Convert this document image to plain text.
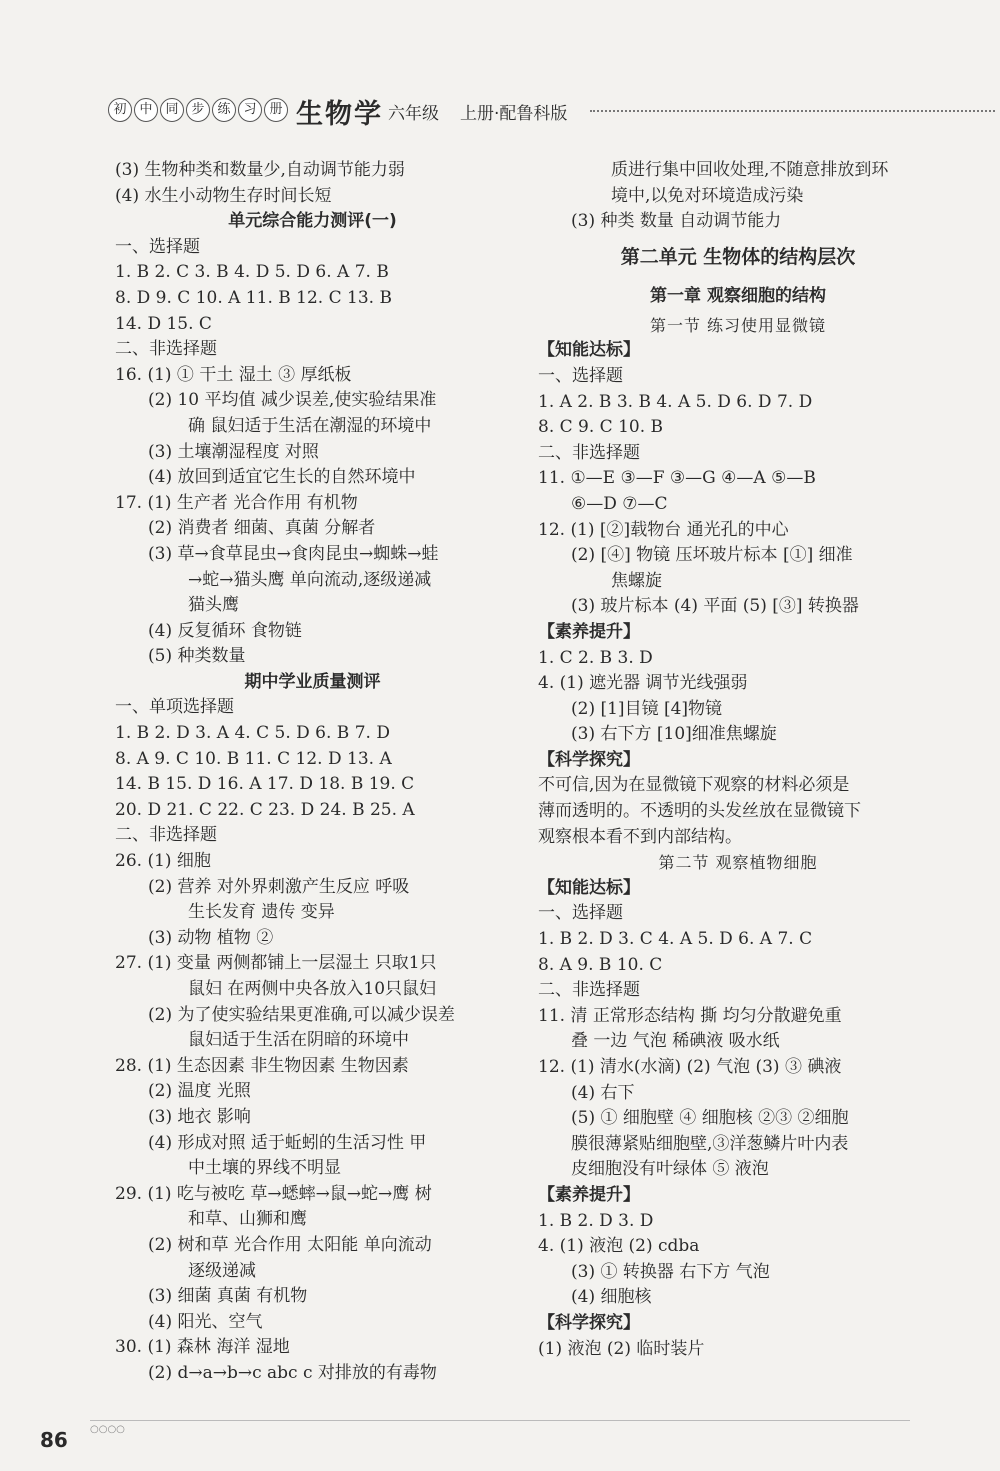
初 中 同 步 练 习 册 生物学 六年级 上册·配鲁科版
(3) 生物种类和数量少,自动调节能力弱
(4) 水生小动物生存时间长短
单元综合能力测评(一)
一、选择题
1. B 2. C 3. B 4. D 5. D 6. A 7. B
8. D 9. C 10. A 11. B 12. C 13. B
14. D 15. C
二、非选择题
16. (1) ① 干土 湿土 ③ 厚纸板
(2) 10 平均值 减少误差,使实验结果准
确 鼠妇适于生活在潮湿的环境中
(3) 土壤潮湿程度 对照
(4) 放回到适宜它生长的自然环境中
17. (1) 生产者 光合作用 有机物
(2) 消费者 细菌、真菌 分解者
(3) 草→食草昆虫→食肉昆虫→蜘蛛→蛙
→蛇→猫头鹰 单向流动,逐级递减
猫头鹰
(4) 反复循环 食物链
(5) 种类数量
期中学业质量测评
一、单项选择题
1. B 2. D 3. A 4. C 5. D 6. B 7. D
8. A 9. C 10. B 11. C 12. D 13. A
14. B 15. D 16. A 17. D 18. B 19. C
20. D 21. C 22. C 23. D 24. B 25. A
二、非选择题
26. (1) 细胞
(2) 营养 对外界刺激产生反应 呼吸
生长发育 遗传 变异
(3) 动物 植物 ②
27. (1) 变量 两侧都铺上一层湿土 只取1只
鼠妇 在两侧中央各放入10只鼠妇
(2) 为了使实验结果更准确,可以减少误差
鼠妇适于生活在阴暗的环境中
28. (1) 生态因素 非生物因素 生物因素
(2) 温度 光照
(3) 地衣 影响
(4) 形成对照 适于蚯蚓的生活习性 甲
中土壤的界线不明显
29. (1) 吃与被吃 草→蟋蟀→鼠→蛇→鹰 树
和草、山狮和鹰
(2) 树和草 光合作用 太阳能 单向流动
逐级递减
(3) 细菌 真菌 有机物
(4) 阳光、空气
30. (1) 森林 海洋 湿地
(2) d→a→b→c abc c 对排放的有毒物
质进行集中回收处理,不随意排放到环
境中,以免对环境造成污染
(3) 种类 数量 自动调节能力
第二单元 生物体的结构层次
第一章 观察细胞的结构
第一节 练习使用显微镜
【知能达标】
一、选择题
1. A 2. B 3. B 4. A 5. D 6. D 7. D
8. C 9. C 10. B
二、非选择题
11. ①—E ③—F ③—G ④—A ⑤—B
⑥—D ⑦—C
12. (1) [②]载物台 通光孔的中心
(2) [④] 物镜 压坏玻片标本 [①] 细准
焦螺旋
(3) 玻片标本 (4) 平面 (5) [③] 转换器
【素养提升】
1. C 2. B 3. D
4. (1) 遮光器 调节光线强弱
(2) [1]目镜 [4]物镜
(3) 右下方 [10]细准焦螺旋
【科学探究】
不可信,因为在显微镜下观察的材料必须是
薄而透明的。不透明的头发丝放在显微镜下
观察根本看不到内部结构。
第二节 观察植物细胞
【知能达标】
一、选择题
1. B 2. D 3. C 4. A 5. D 6. A 7. C
8. A 9. B 10. C
二、非选择题
11. 清 正常形态结构 撕 均匀分散避免重
叠 一边 气泡 稀碘液 吸水纸
12. (1) 清水(水滴) (2) 气泡 (3) ③ 碘液
(4) 右下
(5) ① 细胞壁 ④ 细胞核 ②③ ②细胞
膜很薄紧贴细胞壁,③洋葱鳞片叶内表
皮细胞没有叶绿体 ⑤ 液泡
【素养提升】
1. B 2. D 3. D
4. (1) 液泡 (2) cdba
(3) ① 转换器 右下方 气泡
(4) 细胞核
【科学探究】
(1) 液泡 (2) 临时装片
86 ○○○○
